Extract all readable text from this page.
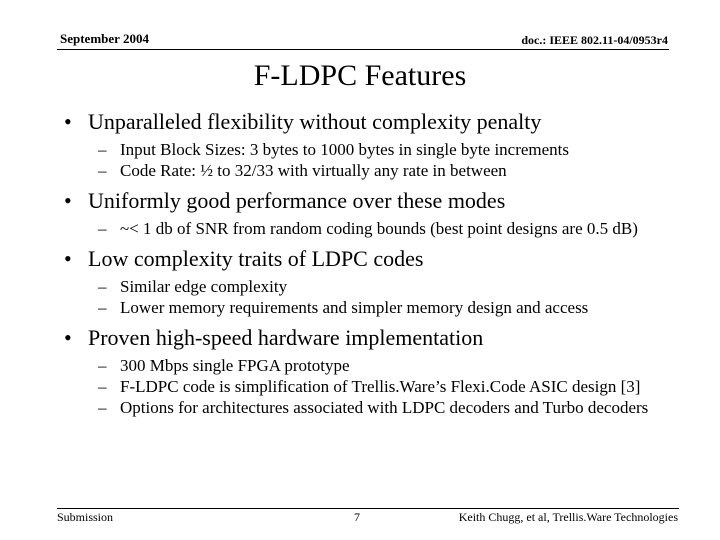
September 2004	doc.: IEEE 802.11-04/0953r4
F-LDPC Features
• Unparalleled flexibility without complexity penalty
– Input Block Sizes: 3 bytes to 1000 bytes in single byte increments
– Code Rate: ½ to 32/33 with virtually any rate in between
• Uniformly good performance over these modes
– ~< 1 db of SNR from random coding bounds (best point designs are 0.5 dB)
• Low complexity traits of LDPC codes
– Similar edge complexity
– Lower memory requirements and simpler memory design and access
• Proven high-speed hardware implementation
– 300 Mbps single FPGA prototype
– F-LDPC code is simplification of Trellis.Ware’s Flexi.Code ASIC design [3]
– Options for architectures associated with LDPC decoders and Turbo decoders
Submission	7	Keith Chugg, et al, Trellis.Ware Technologies
